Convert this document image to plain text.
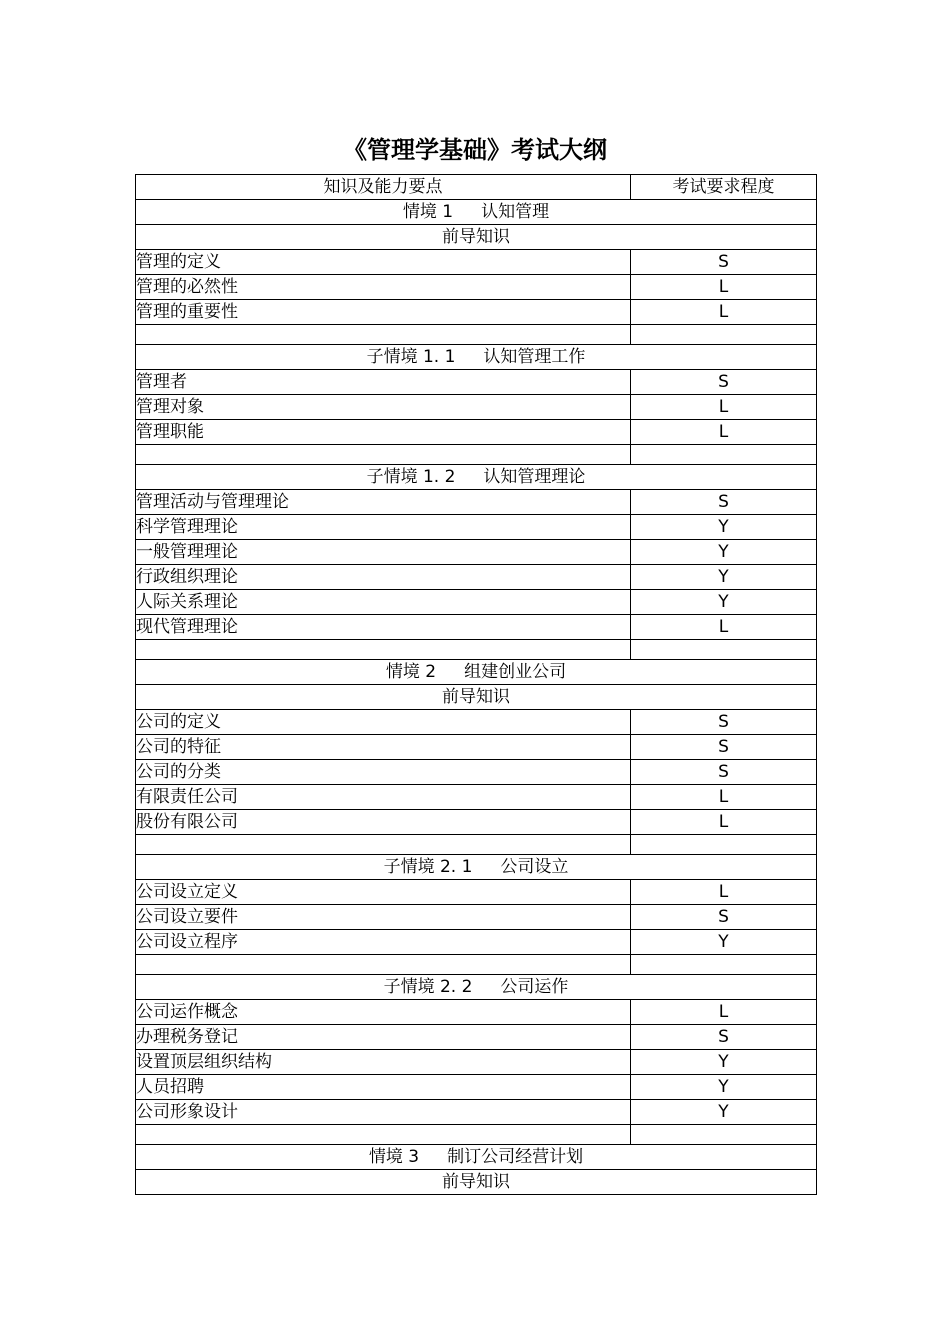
《管理学基础》考试大纲
知识及能力要点	考试要求程度
情境 1 认知管理	
前导知识	
管理的定义	S
管理的必然性	L
管理的重要性	L

子情境 1. 1 认知管理工作	
管理者	S
管理对象	L
管理职能	L

子情境 1. 2 认知管理理论	
管理活动与管理理论	S
科学管理理论	Y
一般管理理论	Y
行政组织理论	Y
人际关系理论	Y
现代管理理论	L

情境 2 组建创业公司	
前导知识	
公司的定义	S
公司的特征	S
公司的分类	S
有限责任公司	L
股份有限公司	L

子情境 2. 1 公司设立	
公司设立定义	L
公司设立要件	S
公司设立程序	Y

子情境 2. 2 公司运作	
公司运作概念	L
办理税务登记	S
设置顶层组织结构	Y
人员招聘	Y
公司形象设计	Y

情境 3 制订公司经营计划	
前导知识	
